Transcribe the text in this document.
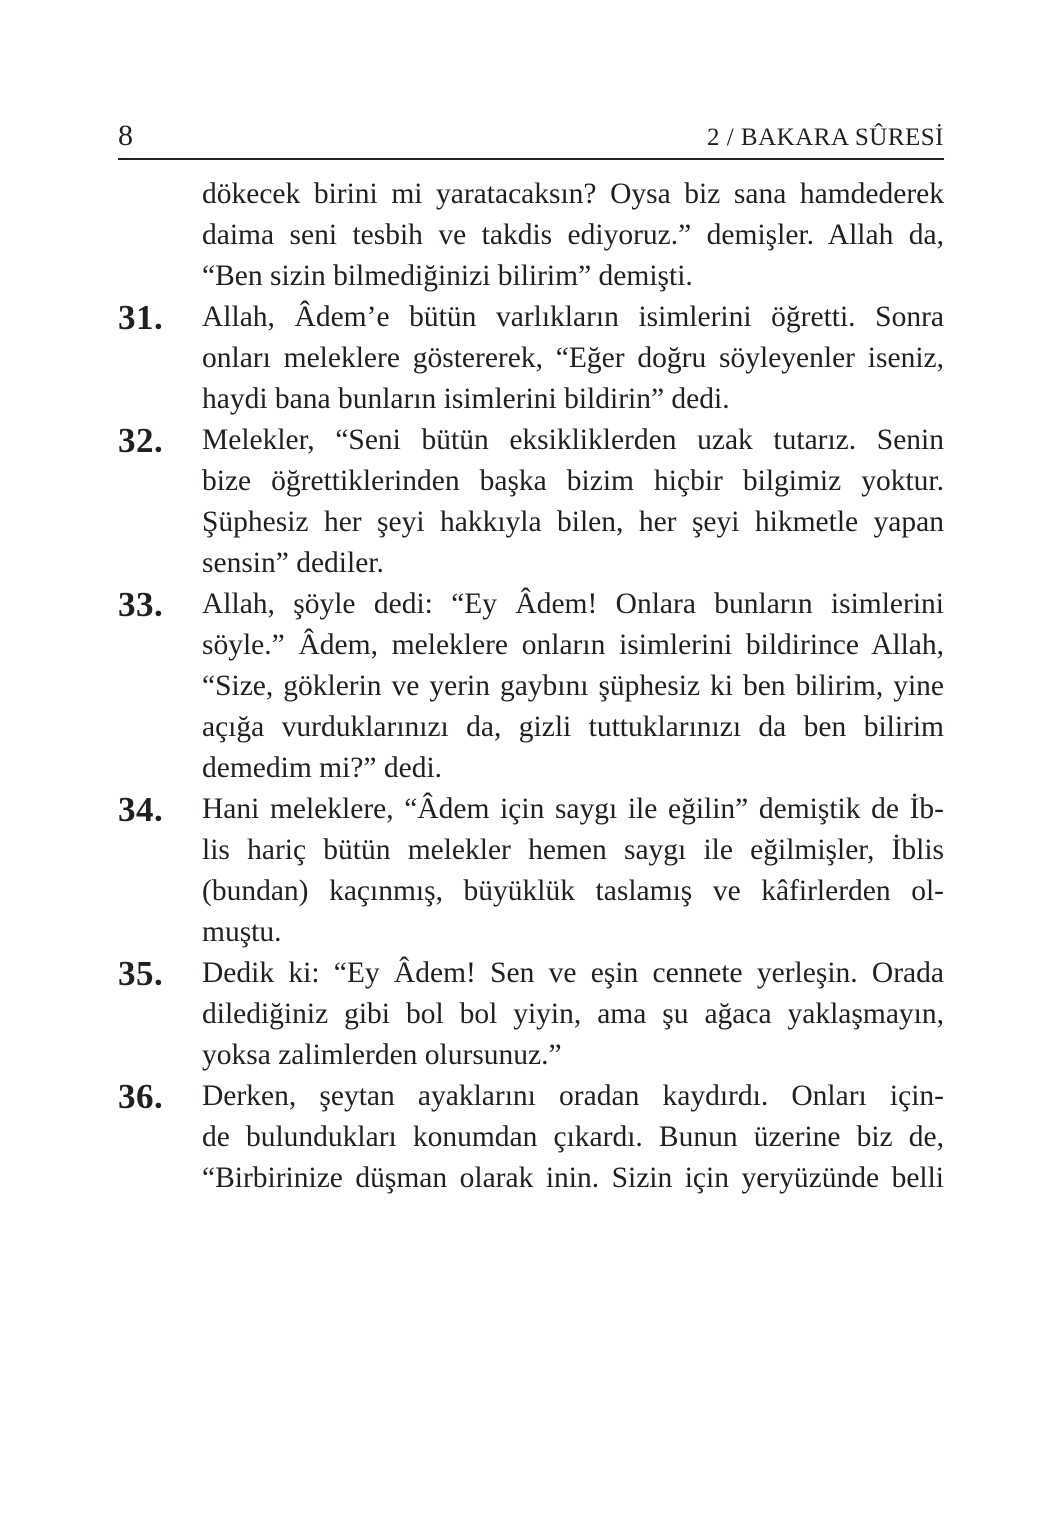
8	2 / BAKARA SÛRESİ
dökecek birini mi yaratacaksın? Oysa biz sana hamdederek
daima seni tesbih ve takdis ediyoruz.” demişler. Allah da,
“Ben sizin bilmediğinizi bilirim” demişti.
31. Allah, Âdem’e bütün varlıkların isimlerini öğretti. Sonra
onları meleklere göstererek, “Eğer doğru söyleyenler iseniz,
haydi bana bunların isimlerini bildirin” dedi.
32. Melekler, “Seni bütün eksikliklerden uzak tutarız. Senin
bize öğrettiklerinden başka bizim hiçbir bilgimiz yoktur.
Şüphesiz her şeyi hakkıyla bilen, her şeyi hikmetle yapan
sensin” dediler.
33. Allah, şöyle dedi: “Ey Âdem! Onlara bunların isimlerini
söyle.” Âdem, meleklere onların isimlerini bildirince Allah,
“Size, göklerin ve yerin gaybını şüphesiz ki ben bilirim, yine
açığa vurduklarınızı da, gizli tuttuklarınızı da ben bilirim
demedim mi?” dedi.
34. Hani meleklere, “Âdem için saygı ile eğilin” demiştik de İb-
lis hariç bütün melekler hemen saygı ile eğilmişler, İblis
(bundan) kaçınmış, büyüklük taslamış ve kâfirlerden ol-
muştu.
35. Dedik ki: “Ey Âdem! Sen ve eşin cennete yerleşin. Orada
dilediğiniz gibi bol bol yiyin, ama şu ağaca yaklaşmayın,
yoksa zalimlerden olursunuz.”
36. Derken, şeytan ayaklarını oradan kaydırdı. Onları için-
de bulundukları konumdan çıkardı. Bunun üzerine biz de,
“Birbirinize düşman olarak inin. Sizin için yeryüzünde belli
